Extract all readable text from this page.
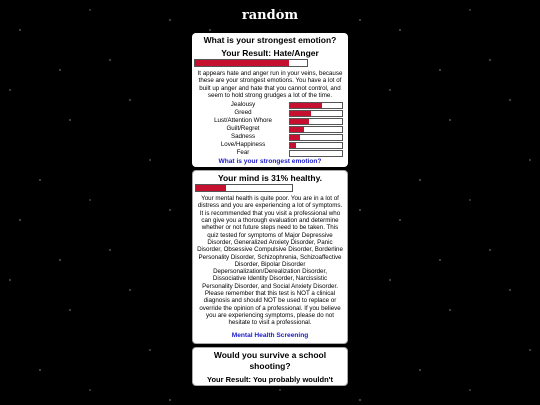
random
What is your strongest emotion?
Your Result: Hate/Anger

It appears hate and anger run in your veins, because these are your strongest emotions. You have a lot of built up anger and hate that you cannot control, and seem to hold strong grudges a lot of the time.

Jealousy	

Greed	

Lust/Attention Whore	

Guilt/Regret	

Sadness	

Love/Happiness	

Fear	
What is your strongest emotion?
Your mind is 31% healthy.

Your mental health is quite poor. You are in a lot of distress and you are experiencing a lot of symptoms. It is recommended that you visit a professional who can give you a thorough evaluation and determine whether or not future steps need to be taken. This quiz tested for symptoms of Major Depressive Disorder, Generalized Anxiety Disorder, Panic Disorder, Obsessive Compulsive Disorder, Borderline Personality Disorder, Schizophrenia, Schizoaffective Disorder, Bipolar Disorder Depersonalization/Derealization Disorder, Dissociative Identity Disorder, Narcissistic Personality Disorder, and Social Anxiety Disorder. Please remember that this test is NOT a clinical diagnosis and should NOT be used to replace or override the opinion of a professional. If you believe you are experiencing symptoms, please do not hesitate to visit a professional.

Mental Health Screening
Would you survive a school shooting?
Your Result: You probably wouldn't
